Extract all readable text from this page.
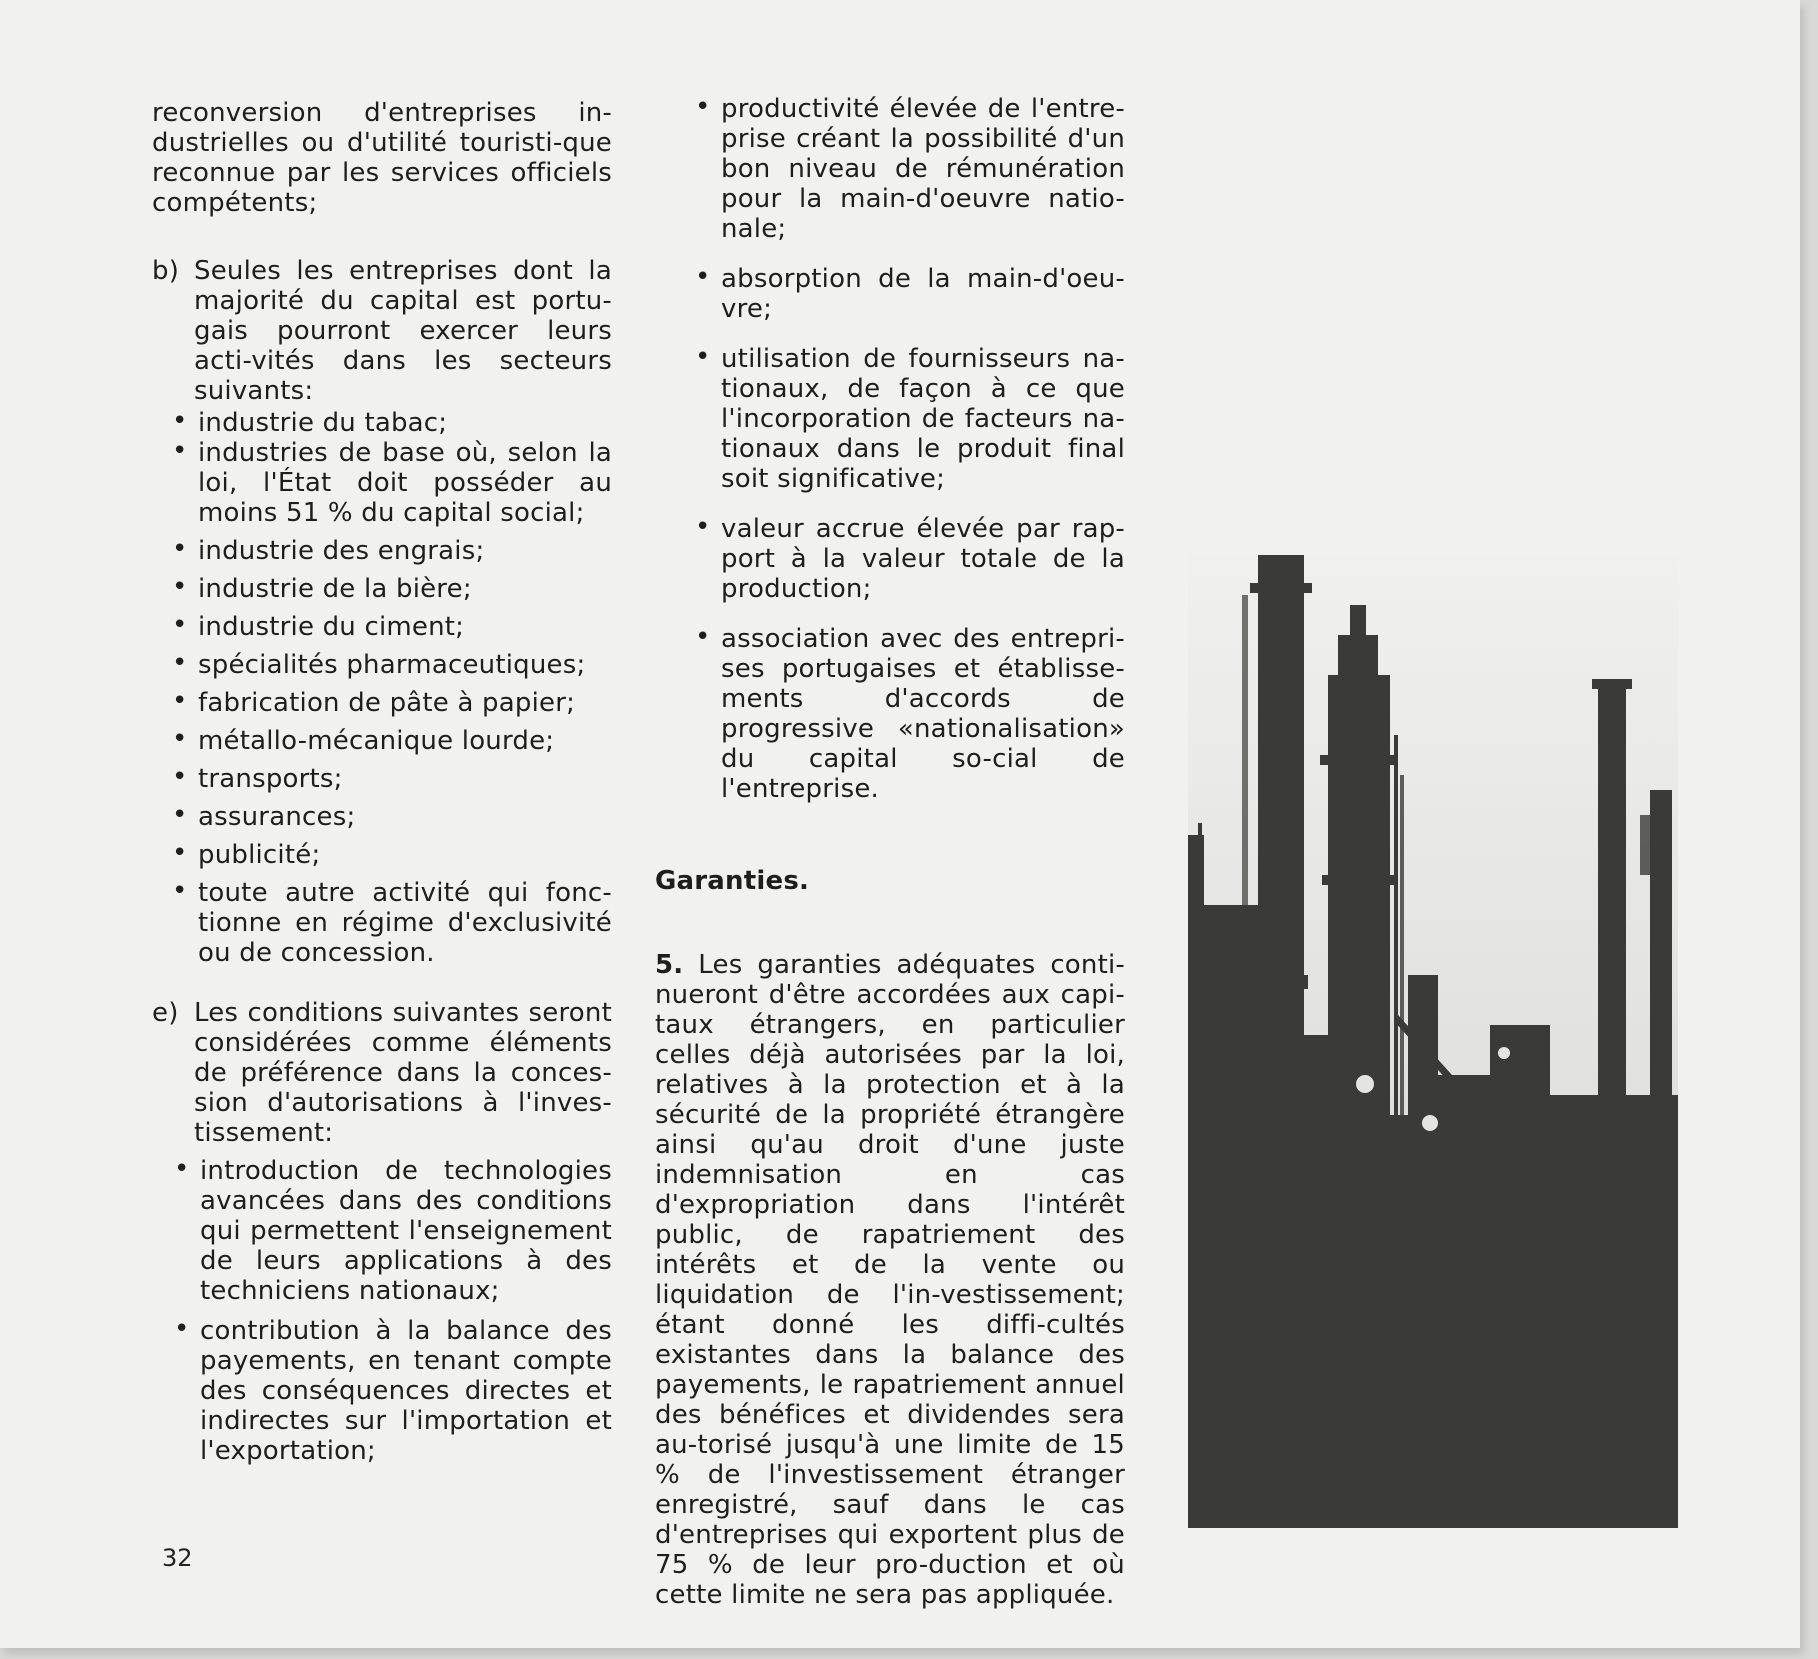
reconversion d'entreprises in-dustrielles ou d'utilité touristi-que reconnue par les services officiels compétents;

b) Seules les entreprises dont la majorité du capital est portu-gais pourront exercer leurs acti-vités dans les secteurs suivants:

• industrie du tabac;
• industries de base où, selon la loi, l'État doit posséder au moins 51 % du capital social;
• industrie des engrais;
• industrie de la bière;
• industrie du ciment;
• spécialités pharmaceutiques;
• fabrication de pâte à papier;
• métallo-mécanique lourde;
• transports;
• assurances;
• publicité;
• toute autre activité qui fonc-tionne en régime d'exclusivité ou de concession.
e) Les conditions suivantes seront considérées comme éléments de préférence dans la conces-sion d'autorisations à l'inves-tissement:

• introduction de technologies avancées dans des conditions qui permettent l'enseignement de leurs applications à des techniciens nationaux;
• contribution à la balance des payements, en tenant compte des conséquences directes et indirectes sur l'importation et l'exportation;
• productivité élevée de l'entre-prise créant la possibilité d'un bon niveau de rémunération pour la main-d'oeuvre natio-nale;
• absorption de la main-d'oeu-vre;
• utilisation de fournisseurs na-tionaux, de façon à ce que l'incorporation de facteurs na-tionaux dans le produit final soit significative;
• valeur accrue élevée par rap-port à la valeur totale de la production;
• association avec des entrepri-ses portugaises et établisse-ments d'accords de progressive «nationalisation» du capital so-cial de l'entreprise.

Garanties.

5. Les garanties adéquates conti-nueront d'être accordées aux capi-taux étrangers, en particulier celles déjà autorisées par la loi, relatives à la protection et à la sécurité de la propriété étrangère ainsi qu'au droit d'une juste indemnisation en cas d'expropriation dans l'intérêt public, de rapatriement des intérêts et de la vente ou liquidation de l'in-vestissement; étant donné les diffi-cultés existantes dans la balance des payements, le rapatriement annuel des bénéfices et dividendes sera au-torisé jusqu'à une limite de 15 % de l'investissement étranger enregistré, sauf dans le cas d'entreprises qui exportent plus de 75 % de leur pro-duction et où cette limite ne sera pas appliquée.

32
